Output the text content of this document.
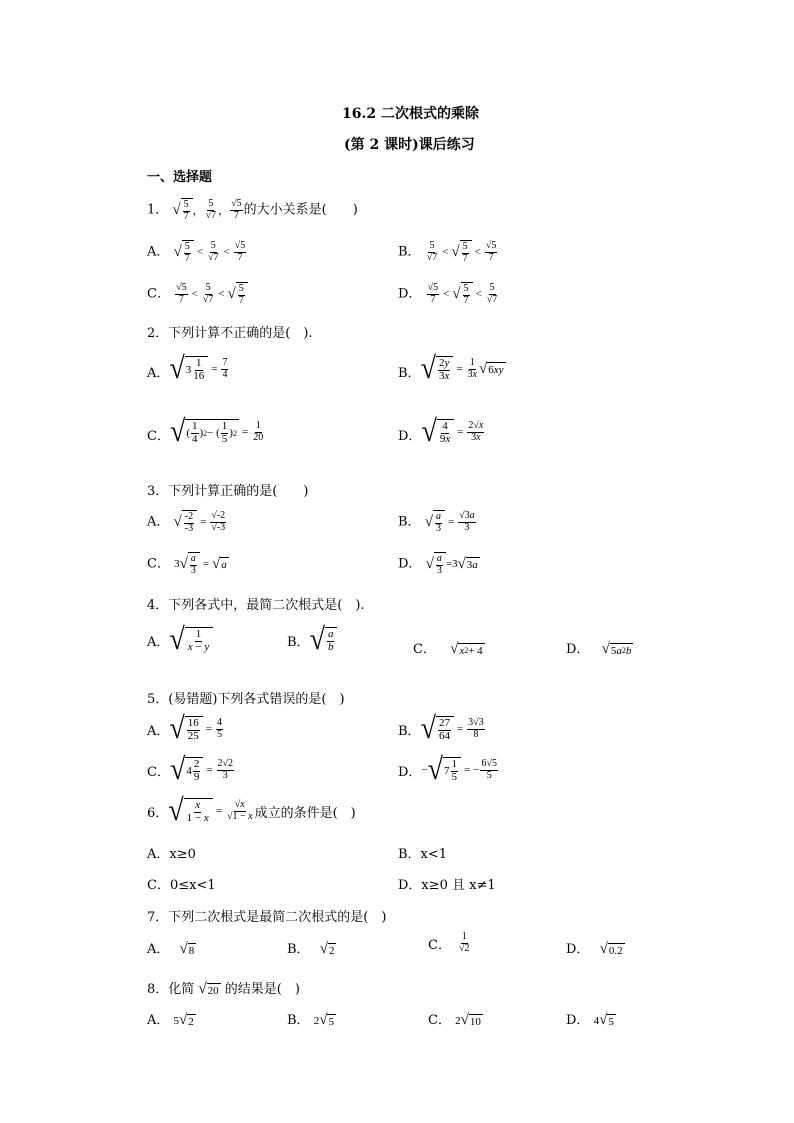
16.2 二次根式的乘除
(第 2 课时)课后练习
一、选择题
1． √ $\frac{5}{7}$ ， $\frac{5}{√7}$ ， $\frac{√5}{7}$ 的大小关系是(　　)
A． √ $\frac{5}{7} < \frac{5}{√7} < \frac{√5}{7}$	B． $\frac{5}{√7}$ < √ $\frac{5}{7} < \frac{√5}{7}$
C． $\frac{√5}{7} < \frac{5}{√7}$ < √ $\frac{5}{7}$	D． $\frac{√5}{7}$ < √ $\frac{5}{7} < \frac{5}{√7}$
2．下列计算不正确的是(　).
A． √ $3 \frac{1}{16} = \frac{7}{4}$	B． √ $\frac{2y}{3x} = \frac{1}{3x}$ √ 6 xy
C． √ ( $\frac{1}{4}$ ) 2 − ( $\frac{1}{5}$ ) $2 = \frac{1}{20}$	D． √ $\frac{4}{9x} = \frac{2√x}{3x}$
3．下列计算正确的是(　　)
A． √ $\frac{-2}{-3} = \frac{√-2}{√-3}$	B． √ $\frac{a}{3} = \frac{√3a}{3}$
C． 3 √ $\frac{a}{3}$ = √ a	D． √ $\frac{a}{3} =3$ √ 3 a
4．下列各式中，最简二次根式是(　).
A． √ $\frac{1}{x - y}$	B． √ $\frac{a}{b}$	C． √ x 2 + 4	D． √ 5 a 2 b
5．(易错题)下列各式错误的是(　)
A． √ $\frac{16}{25} = \frac{4}{5}$	B． √ $\frac{27}{64} = \frac{3√3}{8}$
C． √ $4 \frac{2}{9} = \frac{2√2}{3}$	D． − √ $7 \frac{1}{5}$ = − $\frac{6√5}{5}$
6． √ $\frac{x}{1 - x} = \frac{√x}{√1 - x}$ 成立的条件是(　)
A．x≥0	B．x<1
C．0≤x<1	D．x≥0 且 x≠1
7．下列二次根式是最简二次根式的是(　)
A． √ 8	B． √ 2	C． $\frac{1}{√2}$	D． √ 0.2
8．化简 √ 20 的结果是(　)
A． 5 √ 2	B． 2 √ 5	C． 2 √ 10	D． 4 √ 5
